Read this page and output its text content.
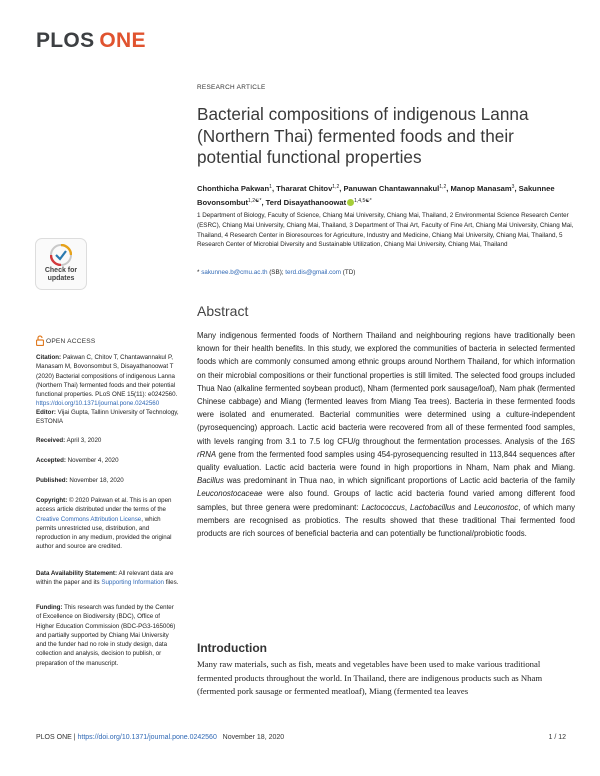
PLOS ONE
RESEARCH ARTICLE
Bacterial compositions of indigenous Lanna (Northern Thai) fermented foods and their potential functional properties
Chonthicha Pakwan$^1$, Thararat Chitov$^{1,2}$, Panuwan Chantawannakul$^{1,2}$, Manop Manasam$^3$, Sakunnee Bovonsombut$^{1,2☯*}$, Terd Disayathanoowat $^{1,4,5☯*}$
1 Department of Biology, Faculty of Science, Chiang Mai University, Chiang Mai, Thailand, 2 Environmental Science Research Center (ESRC), Chiang Mai University, Chiang Mai, Thailand, 3 Department of Thai Art, Faculty of Fine Art, Chiang Mai University, Chiang Mai, Thailand, 4 Research Center in Bioresources for Agriculture, Industry and Medicine, Chiang Mai University, Chiang Mai, Thailand, 5 Research Center of Microbial Diversity and Sustainable Utilization, Chiang Mai University, Chiang Mai, Thailand
* sakunnee.b@cmu.ac.th (SB); terd.dis@gmail.com (TD)
Check for
updates
OPEN ACCESS
Citation: Pakwan C, Chitov T, Chantawannakul P, Manasam M, Bovonsombut S, Disayathanoowat T (2020) Bacterial compositions of indigenous Lanna (Northern Thai) fermented foods and their potential functional properties. PLoS ONE 15(11): e0242560. https://doi.org/10.1371/journal.pone.0242560
Editor: Vijai Gupta, Tallinn University of Technology, ESTONIA
Received: April 3, 2020
Accepted: November 4, 2020
Published: November 18, 2020
Copyright: © 2020 Pakwan et al. This is an open access article distributed under the terms of the Creative Commons Attribution License, which permits unrestricted use, distribution, and reproduction in any medium, provided the original author and source are credited.
Data Availability Statement: All relevant data are within the paper and its Supporting Information files.
Funding: This research was funded by the Center of Excellence on Biodiversity (BDC), Office of Higher Education Commission (BDC-PG3-165006) and partially supported by Chiang Mai University and the funder had no role in study design, data collection and analysis, decision to publish, or preparation of the manuscript.
Abstract

Many indigenous fermented foods of Northern Thailand and neighbouring regions have traditionally been known for their health benefits. In this study, we explored the communities of bacteria in selected fermented foods which are commonly consumed among ethnic groups around Northern Thailand, for which information on their microbial compositions or their functional properties is still limited. The selected food groups included Thua Nao (alkaline fermented soybean product), Nham (fermented pork sausage/loaf), Nam phak (fermented Chinese cabbage) and Miang (fermented leaves from Miang Tea trees). Bacteria in these fermented foods were isolated and enumerated. Bacterial communities were determined using a culture-independent (pyrosequencing) approach. Lactic acid bacteria were recovered from all of these fermented food samples, with levels ranging from 3.1 to 7.5 log CFU/g throughout the fermentation processes. Analysis of the 16S rRNA gene from the fermented food samples using 454-pyrosequencing resulted in 113,844 sequences after quality evaluation. Lactic acid bacteria were found in high proportions in Nham, Nam phak and Miang. Bacillus was predominant in Thua nao, in which significant proportions of Lactic acid bacteria of the family Leuconostocaceae were also found. Groups of lactic acid bacteria found varied among different food samples, but three genera were predominant: Lactococcus, Lactobacillus and Leuconostoc, of which many members are recognised as probiotics. The results showed that these traditional Thai fermented food products are rich sources of beneficial bacteria and can potentially be functional/probiotic foods.

Introduction

Many raw materials, such as fish, meats and vegetables have been used to make various traditional fermented products throughout the world. In Thailand, there are indigenous products such as Nham (fermented pork sausage or fermented meatloaf), Miang (fermented tea leaves

PLOS ONE | https://doi.org/10.1371/journal.pone.0242560   November 18, 2020	1 / 12
